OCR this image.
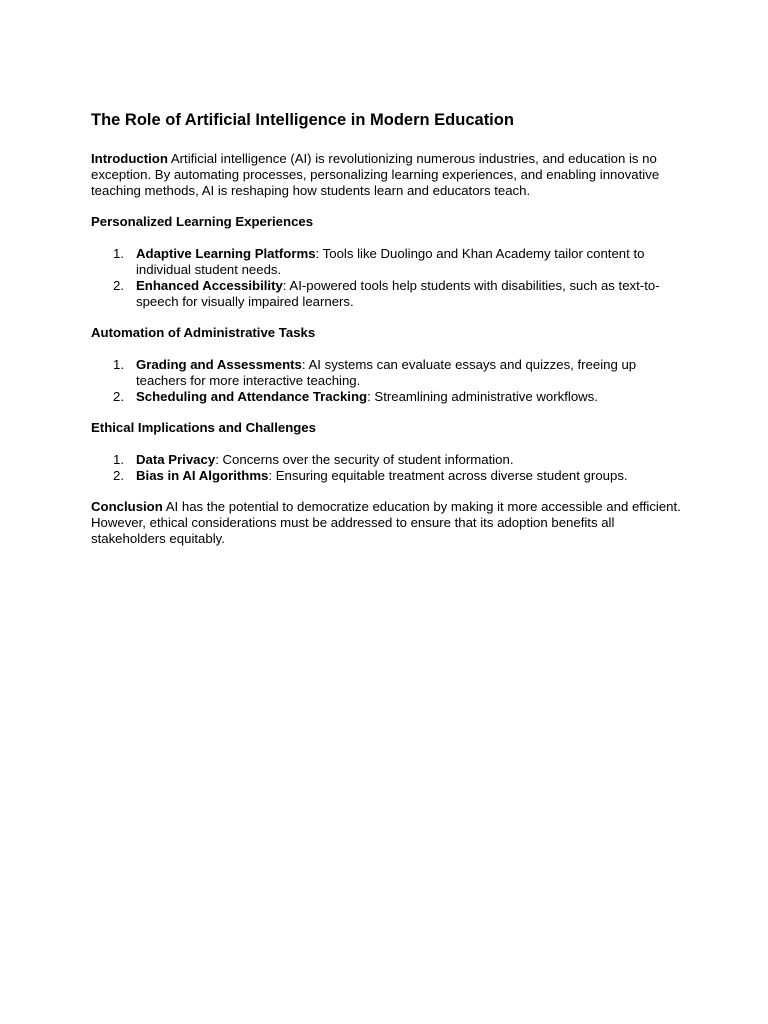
The Role of Artificial Intelligence in Modern Education

Introduction Artificial intelligence (AI) is revolutionizing numerous industries, and education is no exception. By automating processes, personalizing learning experiences, and enabling innovative teaching methods, AI is reshaping how students learn and educators teach.

Personalized Learning Experiences
1. Adaptive Learning Platforms: Tools like Duolingo and Khan Academy tailor content to individual student needs.
2. Enhanced Accessibility: AI-powered tools help students with disabilities, such as text-to-speech for visually impaired learners.
Automation of Administrative Tasks
1. Grading and Assessments: AI systems can evaluate essays and quizzes, freeing up teachers for more interactive teaching.
2. Scheduling and Attendance Tracking: Streamlining administrative workflows.
Ethical Implications and Challenges
1. Data Privacy: Concerns over the security of student information.
2. Bias in AI Algorithms: Ensuring equitable treatment across diverse student groups.

Conclusion AI has the potential to democratize education by making it more accessible and efficient. However, ethical considerations must be addressed to ensure that its adoption benefits all stakeholders equitably.
